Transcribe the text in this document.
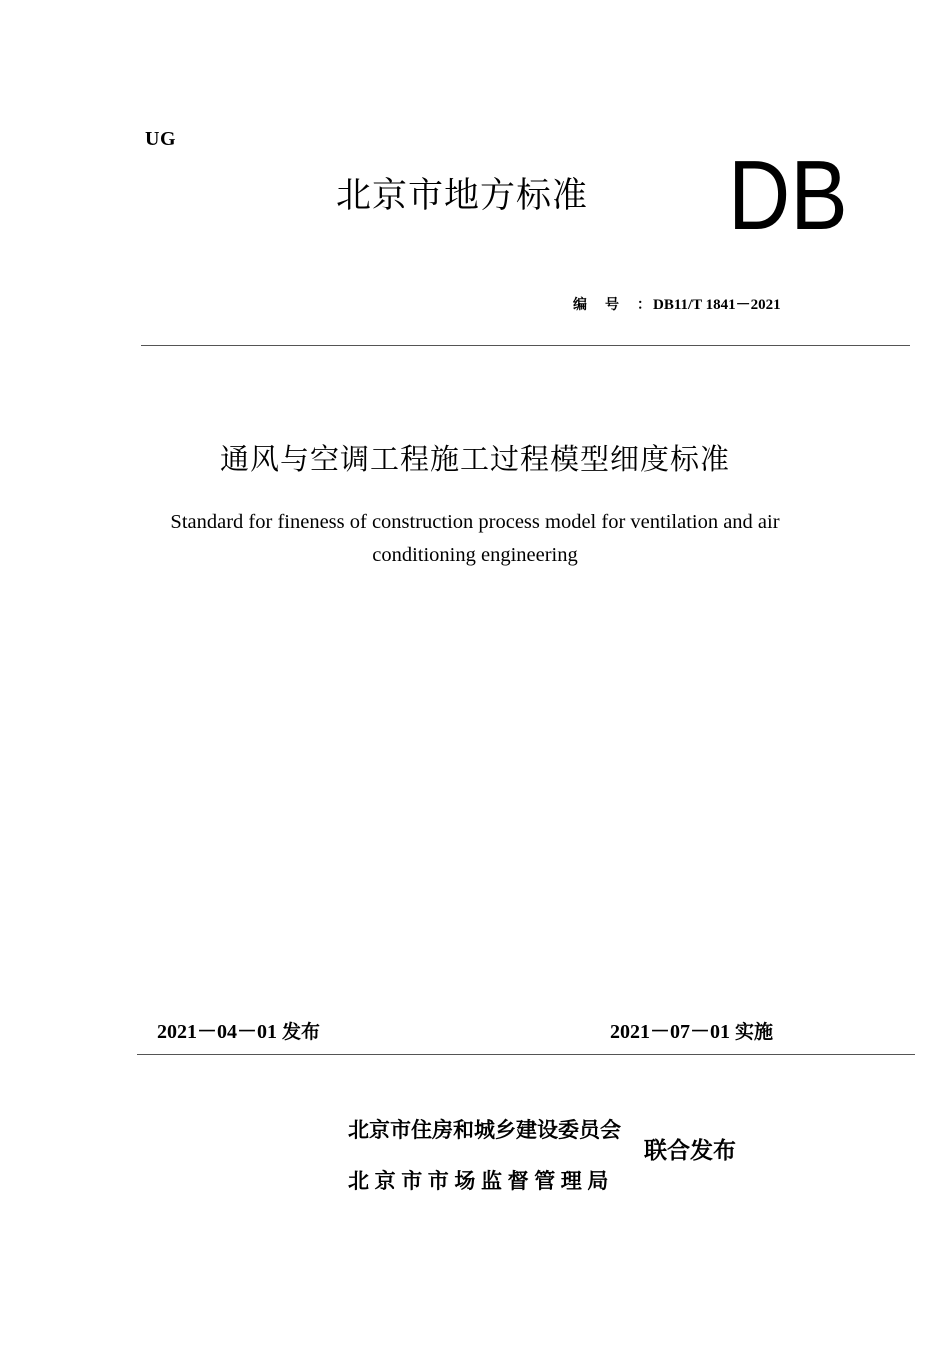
UG
北京市地方标准 DB
编号： DB11/T 1841－2021
通风与空调工程施工过程模型细度标准
Standard for fineness of construction process model for ventilation and air conditioning engineering
2021－04－01 发布	2021－07－01 实施
北京市住房和城乡建设委员会
北京市市场监督管理局
联合发布
